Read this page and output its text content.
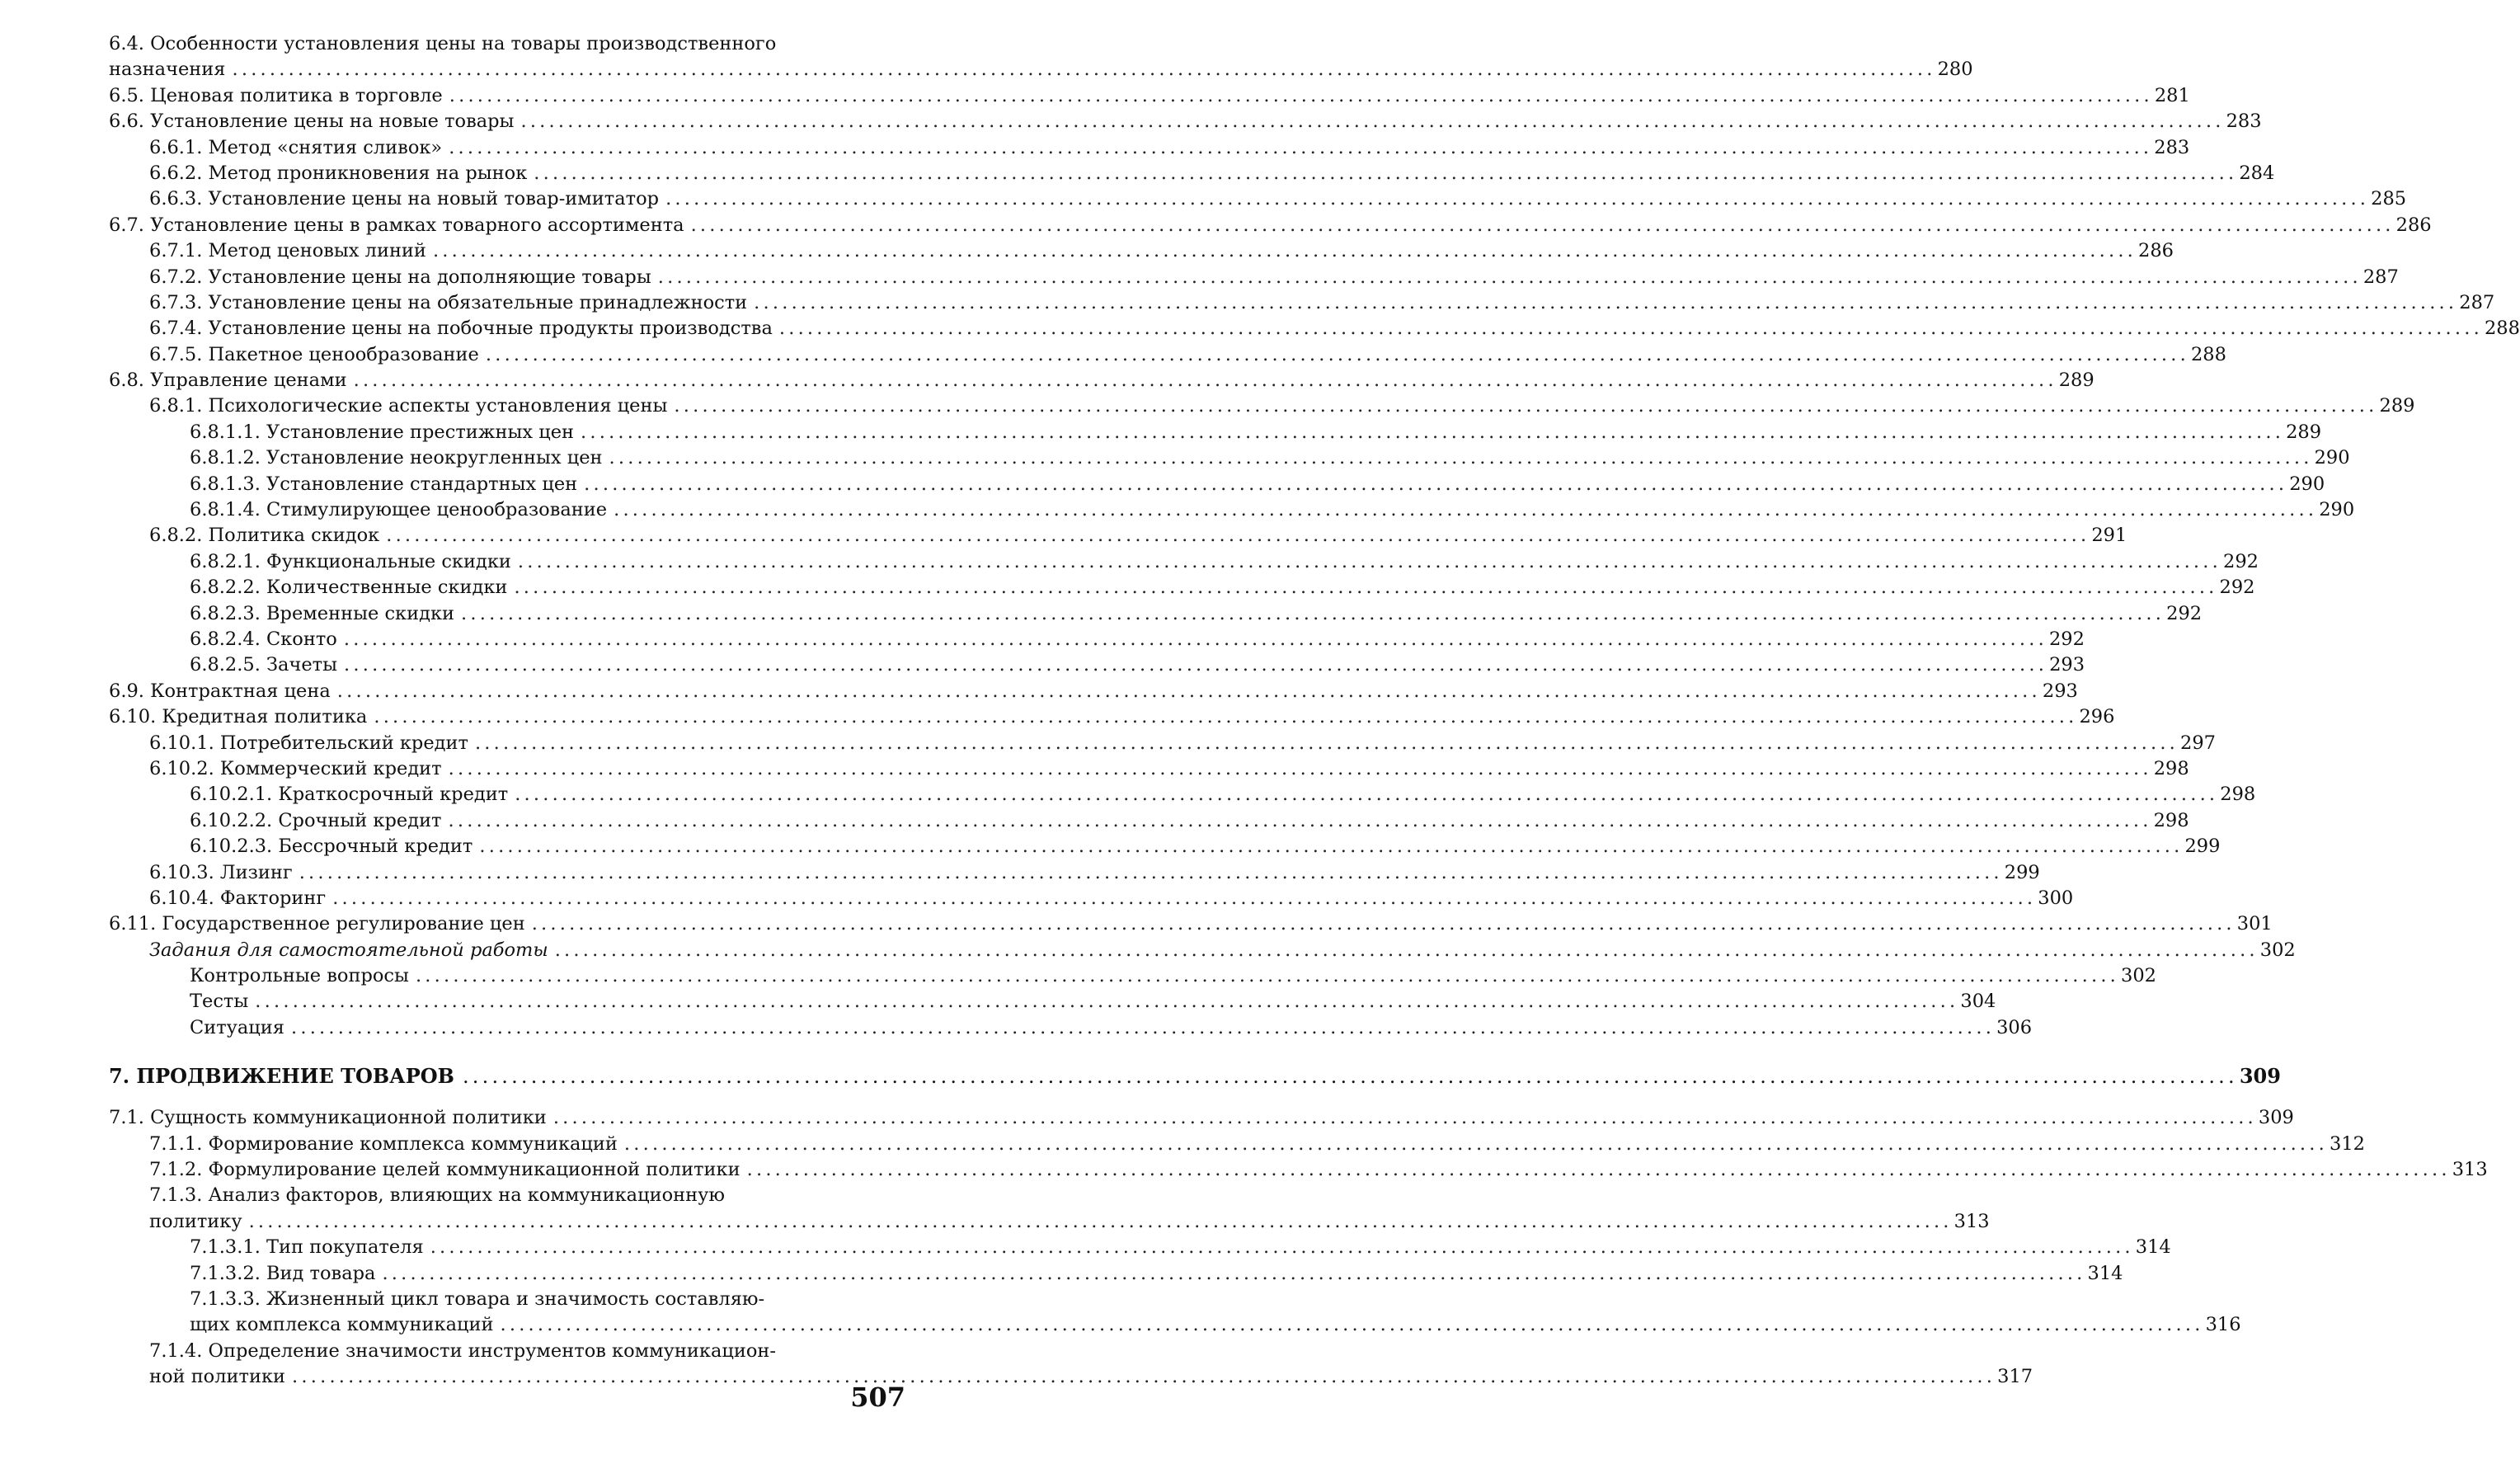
6.4. Особенности установления цены на товары производственного
назначения ...................................................................................................................................................................................... 280
6.5. Ценовая политика в торговле ...................................................................................................................................................................................... 281
6.6. Установление цены на новые товары ...................................................................................................................................................................................... 283
6.6.1. Метод «снятия сливок» ...................................................................................................................................................................................... 283
6.6.2. Метод проникновения на рынок ...................................................................................................................................................................................... 284
6.6.3. Установление цены на новый товар-имитатор ...................................................................................................................................................................................... 285
6.7. Установление цены в рамках товарного ассортимента ...................................................................................................................................................................................... 286
6.7.1. Метод ценовых линий ...................................................................................................................................................................................... 286
6.7.2. Установление цены на дополняющие товары ...................................................................................................................................................................................... 287
6.7.3. Установление цены на обязательные принадлежности ...................................................................................................................................................................................... 287
6.7.4. Установление цены на побочные продукты производства ...................................................................................................................................................................................... 288
6.7.5. Пакетное ценообразование ...................................................................................................................................................................................... 288
6.8. Управление ценами ...................................................................................................................................................................................... 289
6.8.1. Психологические аспекты установления цены ...................................................................................................................................................................................... 289
6.8.1.1. Установление престижных цен ...................................................................................................................................................................................... 289
6.8.1.2. Установление неокругленных цен ...................................................................................................................................................................................... 290
6.8.1.3. Установление стандартных цен ...................................................................................................................................................................................... 290
6.8.1.4. Стимулирующее ценообразование ...................................................................................................................................................................................... 290
6.8.2. Политика скидок ...................................................................................................................................................................................... 291
6.8.2.1. Функциональные скидки ...................................................................................................................................................................................... 292
6.8.2.2. Количественные скидки ...................................................................................................................................................................................... 292
6.8.2.3. Временные скидки ...................................................................................................................................................................................... 292
6.8.2.4. Сконто ...................................................................................................................................................................................... 292
6.8.2.5. Зачеты ...................................................................................................................................................................................... 293
6.9. Контрактная цена ...................................................................................................................................................................................... 293
6.10. Кредитная политика ...................................................................................................................................................................................... 296
6.10.1. Потребительский кредит ...................................................................................................................................................................................... 297
6.10.2. Коммерческий кредит ...................................................................................................................................................................................... 298
6.10.2.1. Краткосрочный кредит ...................................................................................................................................................................................... 298
6.10.2.2. Срочный кредит ...................................................................................................................................................................................... 298
6.10.2.3. Бессрочный кредит ...................................................................................................................................................................................... 299
6.10.3. Лизинг ...................................................................................................................................................................................... 299
6.10.4. Факторинг ...................................................................................................................................................................................... 300
6.11. Государственное регулирование цен ...................................................................................................................................................................................... 301
Задания для самостоятельной работы ...................................................................................................................................................................................... 302
Контрольные вопросы ...................................................................................................................................................................................... 302
Тесты ...................................................................................................................................................................................... 304
Ситуация ...................................................................................................................................................................................... 306
7. ПРОДВИЖЕНИЕ ТОВАРОВ ...................................................................................................................................................................................... 309
7.1. Сущность коммуникационной политики ...................................................................................................................................................................................... 309
7.1.1. Формирование комплекса коммуникаций ...................................................................................................................................................................................... 312
7.1.2. Формулирование целей коммуникационной политики ...................................................................................................................................................................................... 313
7.1.3. Анализ факторов, влияющих на коммуникационную
политику ...................................................................................................................................................................................... 313
7.1.3.1. Тип покупателя ...................................................................................................................................................................................... 314
7.1.3.2. Вид товара ...................................................................................................................................................................................... 314
7.1.3.3. Жизненный цикл товара и значимость составляю-
щих комплекса коммуникаций ...................................................................................................................................................................................... 316
7.1.4. Определение значимости инструментов коммуникацион-
ной политики ...................................................................................................................................................................................... 317
507
